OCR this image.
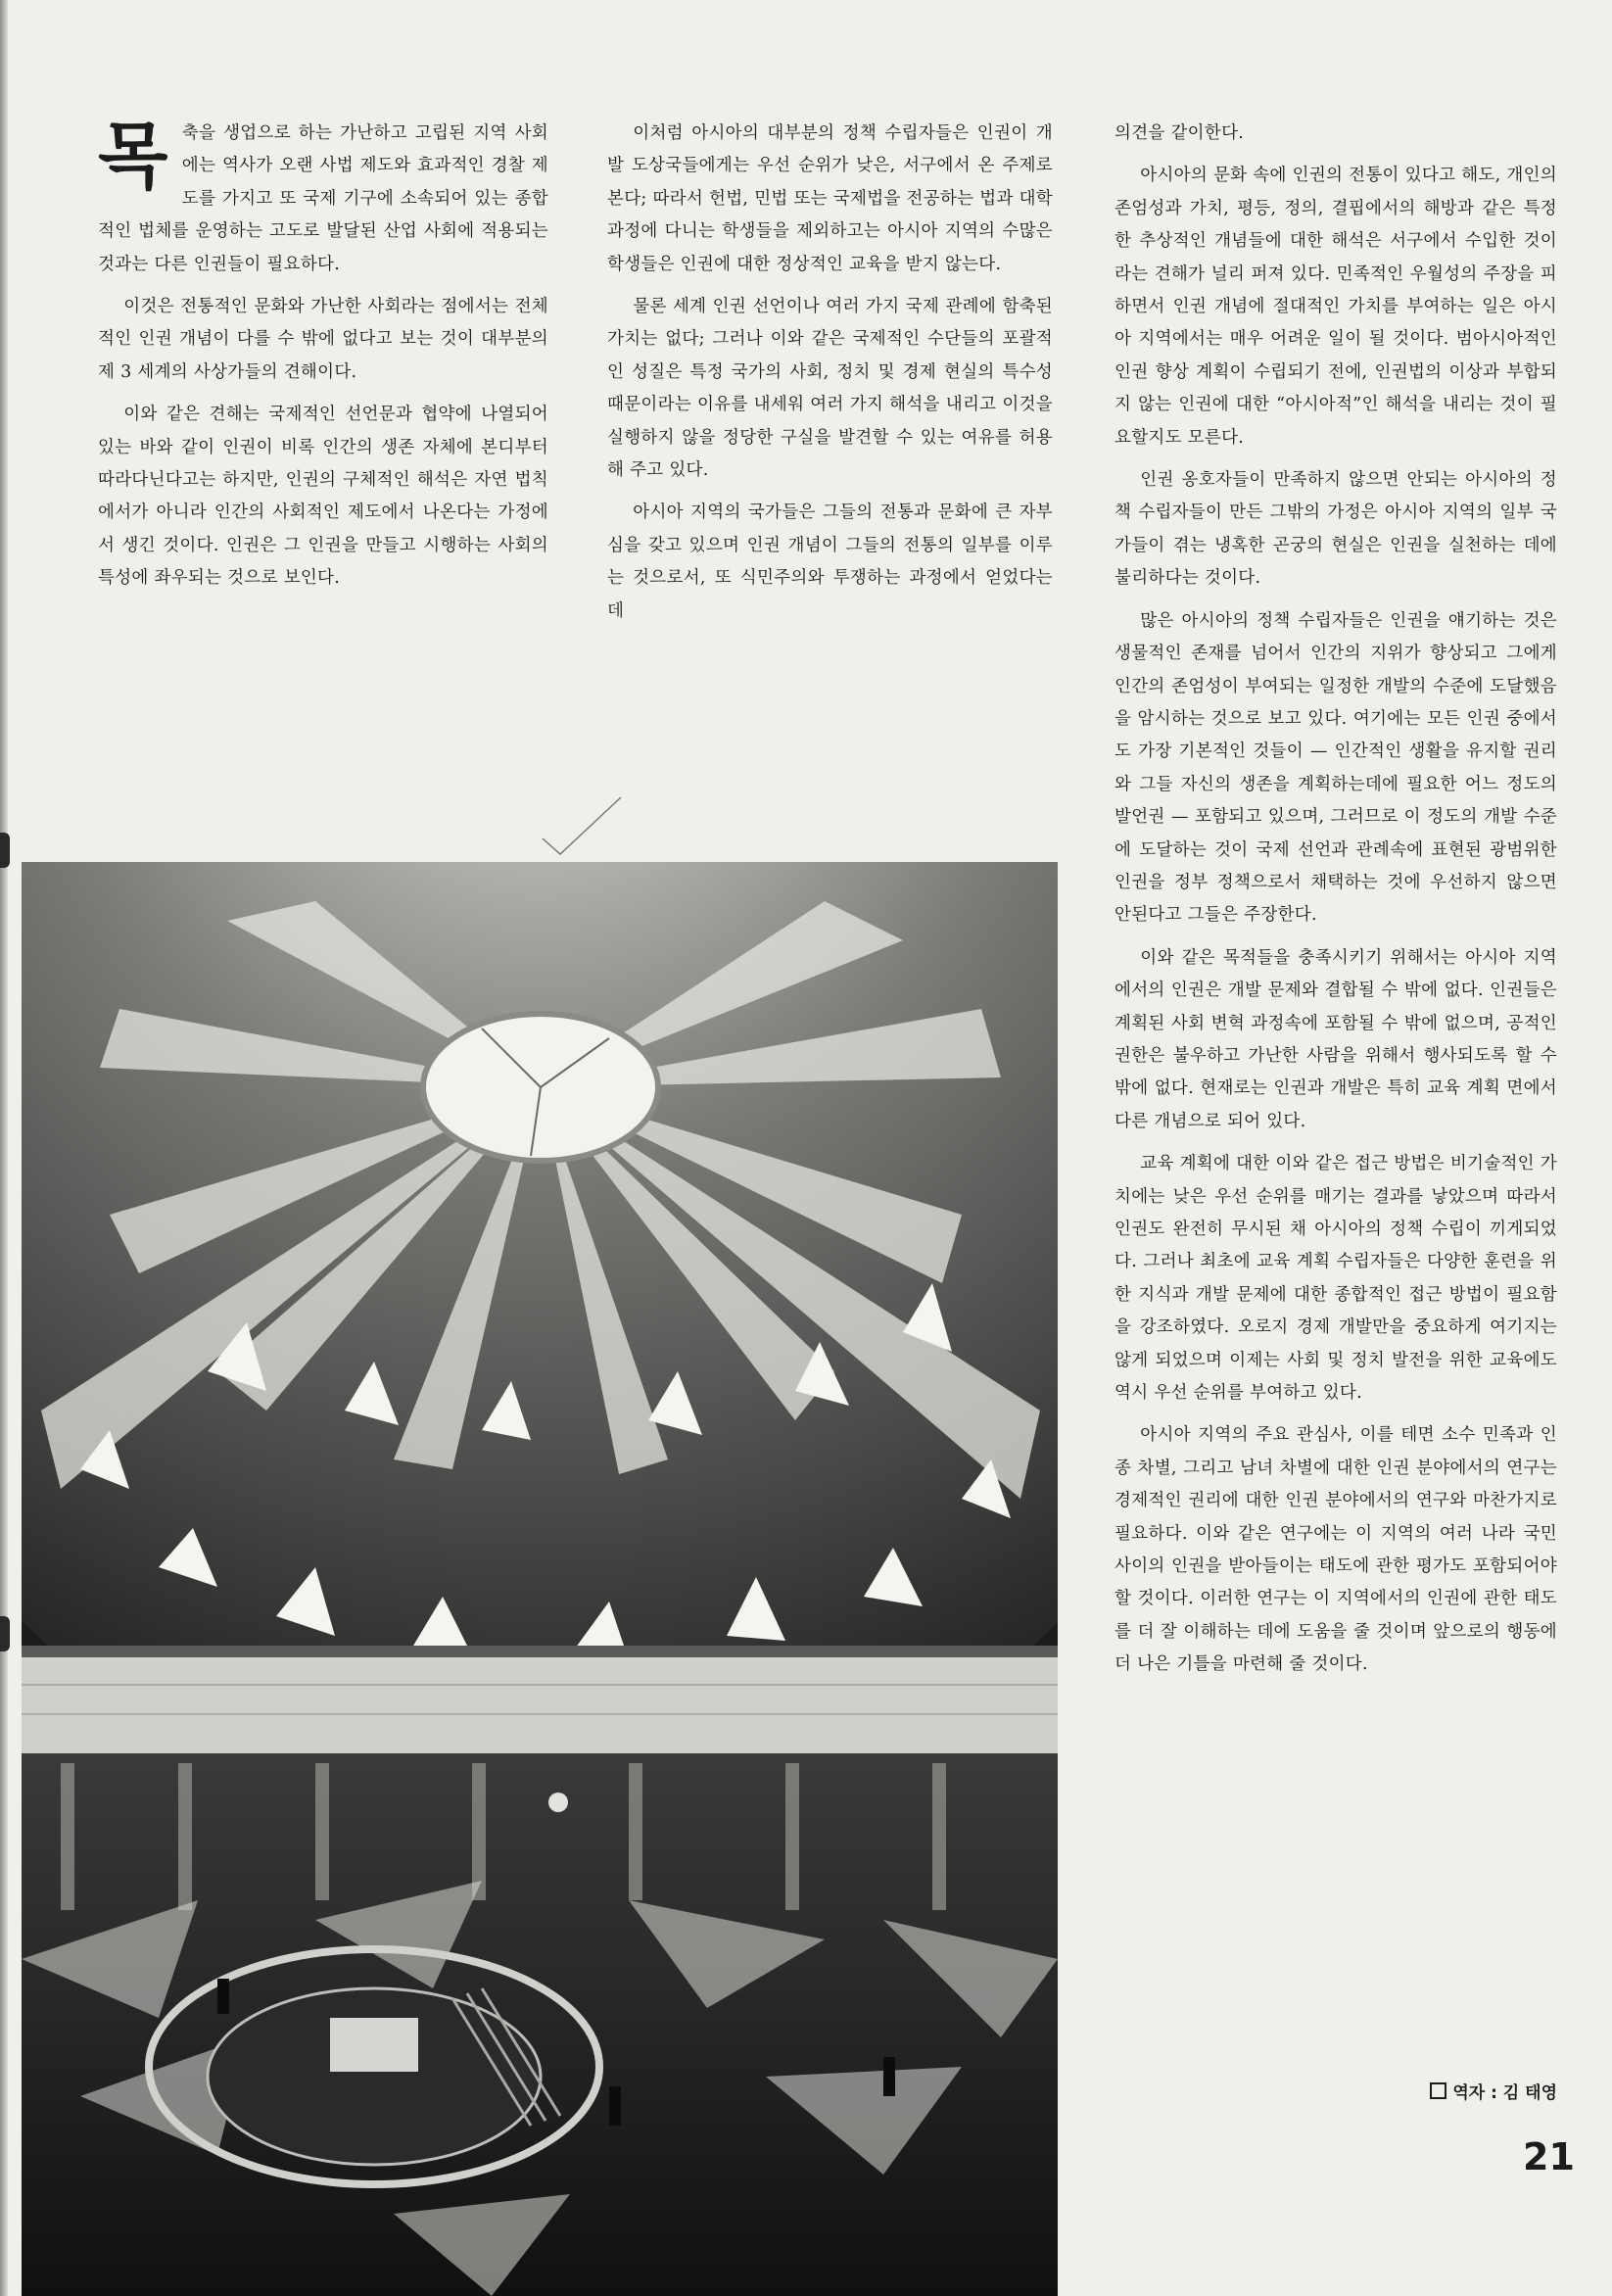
목축을 생업으로 하는 가난하고 고립된 지역 사회에는 역사가 오랜 사법 제도와 효과적인 경찰 제도를 가지고 또 국제 기구에 소속되어 있는 종합적인 법체를 운영하는 고도로 발달된 산업 사회에 적용되는 것과는 다른 인권들이 필요하다.

이것은 전통적인 문화와 가난한 사회라는 점에서는 전체적인 인권 개념이 다를 수 밖에 없다고 보는 것이 대부분의 제 3 세계의 사상가들의 견해이다.

이와 같은 견해는 국제적인 선언문과 협약에 나열되어 있는 바와 같이 인권이 비록 인간의 생존 자체에 본디부터 따라다닌다고는 하지만, 인권의 구체적인 해석은 자연 법칙에서가 아니라 인간의 사회적인 제도에서 나온다는 가정에서 생긴 것이다. 인권은 그 인권을 만들고 시행하는 사회의 특성에 좌우되는 것으로 보인다.

이처럼 아시아의 대부분의 정책 수립자들은 인권이 개발 도상국들에게는 우선 순위가 낮은, 서구에서 온 주제로 본다; 따라서 헌법, 민법 또는 국제법을 전공하는 법과 대학 과정에 다니는 학생들을 제외하고는 아시아 지역의 수많은 학생들은 인권에 대한 정상적인 교육을 받지 않는다.

물론 세계 인권 선언이나 여러 가지 국제 관례에 함축된 가치는 없다; 그러나 이와 같은 국제적인 수단들의 포괄적인 성질은 특정 국가의 사회, 정치 및 경제 현실의 특수성 때문이라는 이유를 내세워 여러 가지 해석을 내리고 이것을 실행하지 않을 정당한 구실을 발견할 수 있는 여유를 허용해 주고 있다.

아시아 지역의 국가들은 그들의 전통과 문화에 큰 자부심을 갖고 있으며 인권 개념이 그들의 전통의 일부를 이루는 것으로서, 또 식민주의와 투쟁하는 과정에서 얻었다는 데

의견을 같이한다.

아시아의 문화 속에 인권의 전통이 있다고 해도, 개인의 존엄성과 가치, 평등, 정의, 결핍에서의 해방과 같은 특정한 추상적인 개념들에 대한 해석은 서구에서 수입한 것이라는 견해가 널리 퍼져 있다. 민족적인 우월성의 주장을 피하면서 인권 개념에 절대적인 가치를 부여하는 일은 아시아 지역에서는 매우 어려운 일이 될 것이다. 범아시아적인 인권 향상 계획이 수립되기 전에, 인권법의 이상과 부합되지 않는 인권에 대한 “아시아적”인 해석을 내리는 것이 필요할지도 모른다.

인권 옹호자들이 만족하지 않으면 안되는 아시아의 정책 수립자들이 만든 그밖의 가정은 아시아 지역의 일부 국가들이 겪는 냉혹한 곤궁의 현실은 인권을 실천하는 데에 불리하다는 것이다.

많은 아시아의 정책 수립자들은 인권을 얘기하는 것은 생물적인 존재를 넘어서 인간의 지위가 향상되고 그에게 인간의 존엄성이 부여되는 일정한 개발의 수준에 도달했음을 암시하는 것으로 보고 있다. 여기에는 모든 인권 중에서도 가장 기본적인 것들이 — 인간적인 생활을 유지할 권리와 그들 자신의 생존을 계획하는데에 필요한 어느 정도의 발언권 — 포함되고 있으며, 그러므로 이 정도의 개발 수준에 도달하는 것이 국제 선언과 관례속에 표현된 광범위한 인권을 정부 정책으로서 채택하는 것에 우선하지 않으면 안된다고 그들은 주장한다.

이와 같은 목적들을 충족시키기 위해서는 아시아 지역에서의 인권은 개발 문제와 결합될 수 밖에 없다. 인권들은 계획된 사회 변혁 과정속에 포함될 수 밖에 없으며, 공적인 권한은 불우하고 가난한 사람을 위해서 행사되도록 할 수 밖에 없다. 현재로는 인권과 개발은 특히 교육 계획 면에서 다른 개념으로 되어 있다.

교육 계획에 대한 이와 같은 접근 방법은 비기술적인 가치에는 낮은 우선 순위를 매기는 결과를 낳았으며 따라서 인권도 완전히 무시된 채 아시아의 정책 수립이 끼게되었다. 그러나 최초에 교육 계획 수립자들은 다양한 훈련을 위한 지식과 개발 문제에 대한 종합적인 접근 방법이 필요함을 강조하였다. 오로지 경제 개발만을 중요하게 여기지는 않게 되었으며 이제는 사회 및 정치 발전을 위한 교육에도 역시 우선 순위를 부여하고 있다.

아시아 지역의 주요 관심사, 이를 테면 소수 민족과 인종 차별, 그리고 남녀 차별에 대한 인권 분야에서의 연구는 경제적인 권리에 대한 인권 분야에서의 연구와 마찬가지로 필요하다. 이와 같은 연구에는 이 지역의 여러 나라 국민 사이의 인권을 받아들이는 태도에 관한 평가도 포함되어야 할 것이다. 이러한 연구는 이 지역에서의 인권에 관한 태도를 더 잘 이해하는 데에 도움을 줄 것이며 앞으로의 행동에 더 나은 기틀을 마련해 줄 것이다.

역자 : 김 태영
21
